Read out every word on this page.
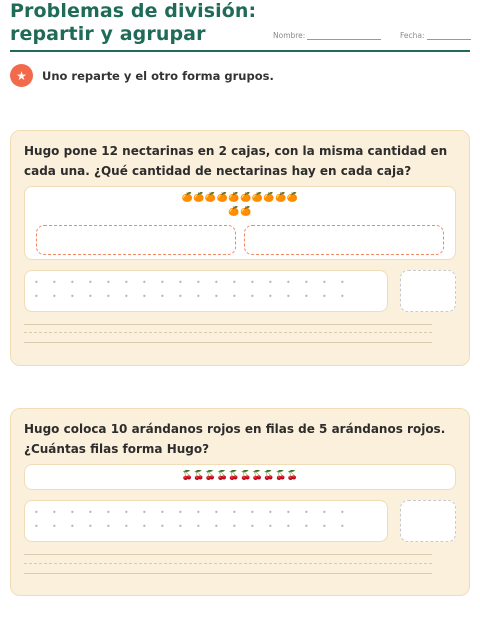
Problemas de división:
repartir y agrupar	Nombre:	Fecha:
★	Uno reparte y el otro forma grupos.
Hugo pone 12 nectarinas en 2 cajas, con la misma cantidad en cada una. ¿Qué cantidad de nectarinas hay en cada caja?
🍊🍊🍊🍊🍊🍊🍊🍊🍊🍊
🍊🍊
•	•	•	•	•	•	•	•	•	•	•	•	•	•	•	•	•	•
•	•	•	•	•	•	•	•	•	•	•	•	•	•	•	•	•	•
Hugo coloca 10 arándanos rojos en filas de 5 arándanos rojos. ¿Cuántas filas forma Hugo?
🍒🍒🍒🍒🍒🍒🍒🍒🍒🍒
•	•	•	•	•	•	•	•	•	•	•	•	•	•	•	•	•	•
•	•	•	•	•	•	•	•	•	•	•	•	•	•	•	•	•	•
